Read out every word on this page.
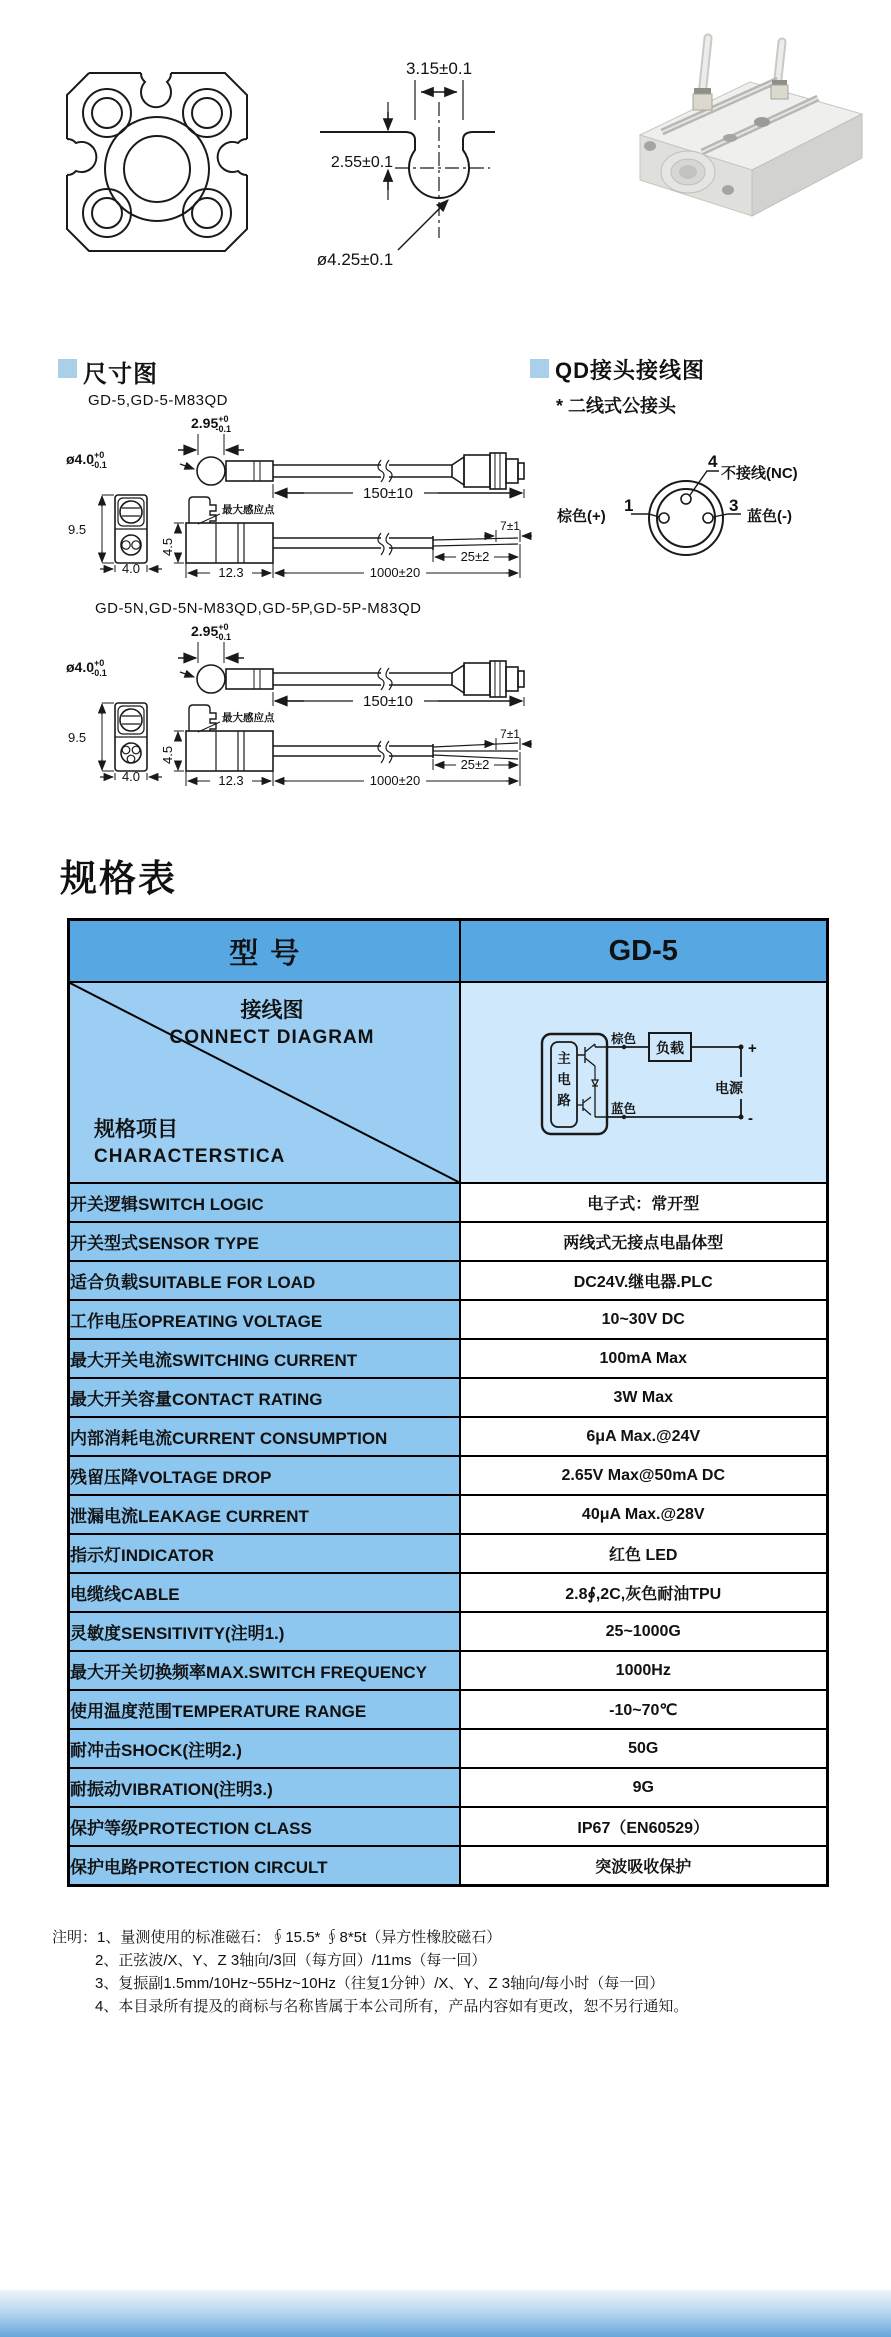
3.15±0.1
2.55±0.1
ø4.25±0.1
尺寸图	QD接头接线图
* 二线式公接头
GD-5,GD-5-M83QD
$2.95^{+0}$ -0.1
$ø4.0^{+0}$ -0.1
150±10
9.5
4.0
最大感应点
4.5
12.3
7±1
25±2
1000±20
4
不接线(NC)
1
棕色(+)
3
蓝色(-)
GD-5N,GD-5N-M83QD,GD-5P,GD-5P-M83QD
$2.95^{+0}$ -0.1
$ø4.0^{+0}$ -0.1
150±10
9.5
4.0
最大感应点
4.5
12.3
7±1
25±2
1000±20
规格表
型号	GD-5

接线图
CONNECT DIAGRAM
规格项目
CHARACTERSTICA

主电路
棕色
蓝色
负载
电源
+
-

开关逻辑SWITCH LOGIC	电子式：常开型
开关型式SENSOR TYPE	两线式无接点电晶体型
适合负载SUITABLE FOR LOAD	DC24V.继电器.PLC
工作电压OPREATING VOLTAGE	10~30V DC
最大开关电流SWITCHING CURRENT	100mA Max
最大开关容量CONTACT RATING	3W Max
内部消耗电流CURRENT CONSUMPTION	6μA Max.@24V
残留压降VOLTAGE DROP	2.65V Max@50mA DC
泄漏电流LEAKAGE CURRENT	40μA Max.@28V
指示灯INDICATOR	红色 LED
电缆线CABLE	2.8∮,2C,灰色耐油TPU
灵敏度SENSITIVITY(注明1.)	25~1000G
最大开关切换频率MAX.SWITCH FREQUENCY	1000Hz
使用温度范围TEMPERATURE RANGE	-10~70℃
耐冲击SHOCK(注明2.)	50G
耐振动VIBRATION(注明3.)	9G
保护等级PROTECTION CLASS	IP67（EN60529）
保护电路PROTECTION CIRCULT	突波吸收保护
注明：1、量测使用的标准磁石：∮15.5* ∮8*5t（异方性橡胶磁石）
2、正弦波/X、Y、Z 3轴向/3回（每方回）/11ms（每一回）
3、复振副1.5mm/10Hz~55Hz~10Hz（往复1分钟）/X、Y、Z 3轴向/每小时（每一回）
4、本目录所有提及的商标与名称皆属于本公司所有，产品内容如有更改，恕不另行通知。
